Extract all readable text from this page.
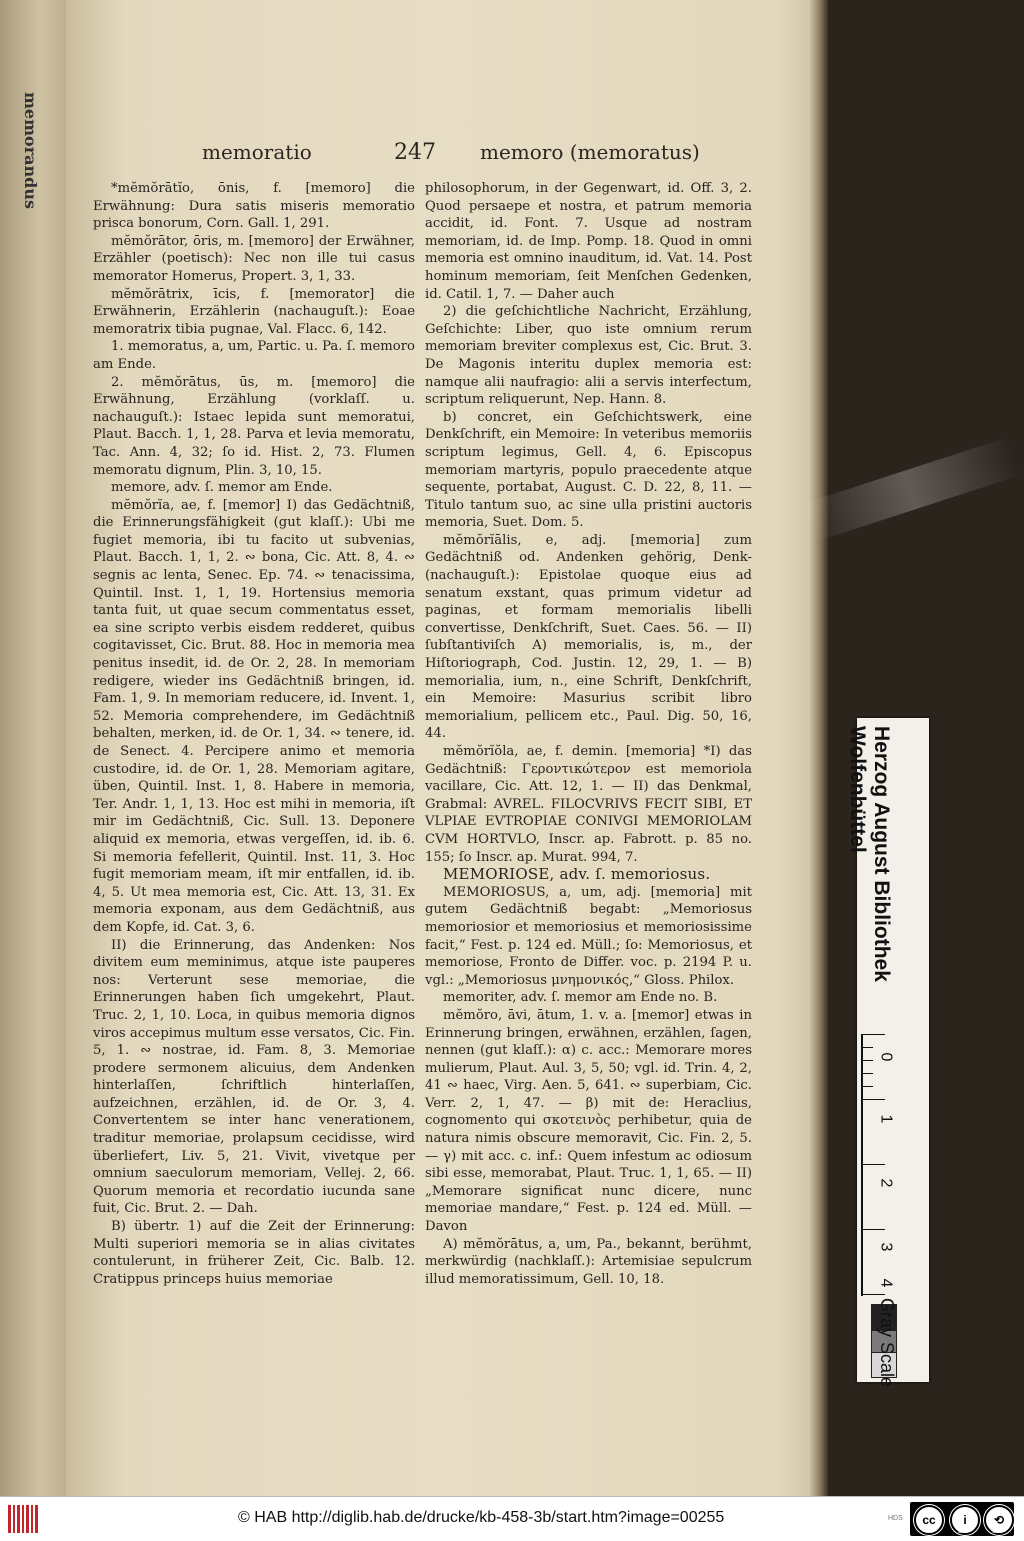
memorandus	memoratio	247 memoro (memoratus)

*mĕmŏrātĭo, ōnis, f. [memoro] die Erwähnung: Dura satis miseris memoratio prisca bonorum, Corn. Gall. 1, 291.

mĕmŏrātor, ōris, m. [memoro] der Erwähner, Erzähler (poetisch): Nec non ille tui casus memorator Homerus, Propert. 3, 1, 33.

mĕmŏrātrix, īcis, f. [memorator] die Erwähnerin, Erzählerin (nachauguſt.): Eoae memoratrix tibia pugnae, Val. Flacc. 6, 142.

1. memoratus, a, um, Partic. u. Pa. ſ. memoro am Ende.

2. mĕmŏrātus, ūs, m. [memoro] die Erwähnung, Erzählung (vorklaſſ. u. nachauguſt.): Istaec lepida sunt memoratui, Plaut. Bacch. 1, 1, 28. Parva et levia memoratu, Tac. Ann. 4, 32; ſo id. Hist. 2, 73. Flumen memoratu dignum, Plin. 3, 10, 15.

memore, adv. ſ. memor am Ende.

mĕmŏrĭa, ae, f. [memor] I) das Gedächtniß, die Erinnerungsfähigkeit (gut klaſſ.): Ubi me fugiet memoria, ibi tu facito ut subvenias, Plaut. Bacch. 1, 1, 2. ∾ bona, Cic. Att. 8, 4. ∾ segnis ac lenta, Senec. Ep. 74. ∾ tenacissima, Quintil. Inst. 1, 1, 19. Hortensius memoria tanta fuit, ut quae secum commentatus esset, ea sine scripto verbis eisdem redderet, quibus cogitavisset, Cic. Brut. 88. Hoc in memoria mea penitus insedit, id. de Or. 2, 28. In memoriam redigere, wieder ins Gedächtniß bringen, id. Fam. 1, 9. In memoriam reducere, id. Invent. 1, 52. Memoria comprehendere, im Gedächtniß behalten, merken, id. de Or. 1, 34. ∾ tenere, id. de Senect. 4. Percipere animo et memoria custodire, id. de Or. 1, 28. Memoriam agitare, üben, Quintil. Inst. 1, 8. Habere in memoria, Ter. Andr. 1, 1, 13. Hoc est mihi in memoria, iſt mir im Gedächtniß, Cic. Sull. 13. Deponere aliquid ex memoria, etwas vergeſſen, id. ib. 6. Si memoria fefellerit, Quintil. Inst. 11, 3. Hoc fugit memoriam meam, iſt mir entfallen, id. ib. 4, 5. Ut mea memoria est, Cic. Att. 13, 31. Ex memoria exponam, aus dem Gedächtniß, aus dem Kopfe, id. Cat. 3, 6.

II) die Erinnerung, das Andenken: Nos divitem eum meminimus, atque iste pauperes nos: Verterunt sese memoriae, die Erinnerungen haben ſich umgekehrt, Plaut. Truc. 2, 1, 10. Loca, in quibus memoria dignos viros accepimus multum esse versatos, Cic. Fin. 5, 1. ∾ nostrae, id. Fam. 8, 3. Memoriae prodere sermonem alicuius, dem Andenken hinterlaſſen, ſchriftlich hinterlaſſen, aufzeichnen, erzählen, id. de Or. 3, 4. Convertentem se inter hanc venerationem, traditur memoriae, prolapsum cecidisse, wird überliefert, Liv. 5, 21. Vivit, vivetque per omnium saeculorum memoriam, Vellej. 2, 66. Quorum memoria et recordatio iucunda sane fuit, Cic. Brut. 2. — Dah.

B) übertr. 1) auf die Zeit der Erinnerung: Multi superiori memoria se in alias civitates contulerunt, in früherer Zeit, Cic. Balb. 12. Cratippus princeps huius memoriae

philosophorum, in der Gegenwart, id. Off. 3, 2. Quod persaepe et nostra, et patrum memoria accidit, id. Font. 7. Usque ad nostram memoriam, id. de Imp. Pomp. 18. Quod in omni memoria est omnino inauditum, id. Vat. 14. Post hominum memoriam, ſeit Menſchen Gedenken, id. Catil. 1, 7. — Daher auch

2) die geſchichtliche Nachricht, Erzählung, Geſchichte: Liber, quo iste omnium rerum memoriam breviter complexus est, Cic. Brut. 3. De Magonis interitu duplex memoria est: namque alii naufragio: alii a servis interfectum, scriptum reliquerunt, Nep. Hann. 8.

b) concret, ein Geſchichtswerk, eine Denkſchrift, ein Memoire: In veteribus memoriis scriptum legimus, Gell. 4, 6. Episcopus memoriam martyris, populo praecedente atque sequente, portabat, August. C. D. 22, 8, 11. — Titulo tantum suo, ac sine ulla pristini auctoris memoria, Suet. Dom. 5.

mĕmŏrĭālis, e, adj. [memoria] zum Gedächtniß od. Andenken gehörig, Denk- (nachauguſt.): Epistolae quoque eius ad senatum exstant, quas primum videtur ad paginas, et formam memorialis libelli convertisse, Denkſchrift, Suet. Caes. 56. — II) ſubſtantiviſch A) memorialis, is, m., der Hiſtoriograph, Cod. Justin. 12, 29, 1. — B) memorialia, ium, n., eine Schrift, Denkſchrift, ein Memoire: Masurius scribit libro memorialium, pellicem etc., Paul. Dig. 50, 16, 44.

mĕmŏrĭŏla, ae, f. demin. [memoria] *I) das Gedächtniß: Γεροντικώτερον est memoriola vacillare, Cic. Att. 12, 1. — II) das Denkmal, Grabmal: AVREL. FILOCVRIVS FECIT SIBI, ET VLPIAE EVTROPIAE CONIVGI MEMORIOLAM CVM HORTVLO, Inscr. ap. Fabrott. p. 85 no. 155; ſo Inscr. ap. Murat. 994, 7.

MEMORIOSE, adv. ſ. memoriosus.

MEMORIOSUS, a, um, adj. [memoria] mit gutem Gedächtniß begabt: „Memoriosus memoriosior et memoriosius et memoriosissime facit,“ Fest. p. 124 ed. Müll.; ſo: Memoriosus, et memoriose, Fronto de Differ. voc. p. 2194 P. u. vgl.: „Memoriosus μνημονικός,“ Gloss. Philox.

memoriter, adv. ſ. memor am Ende no. B.

mĕmŏro, āvi, ātum, 1. v. a. [memor] etwas in Erinnerung bringen, erwähnen, erzählen, ſagen, nennen (gut klaſſ.): α) c. acc.: Memorare mores mulierum, Plaut. Aul. 3, 5, 50; vgl. id. Trin. 4, 2, 41 ∾ haec, Virg. Aen. 5, 641. ∾ superbiam, Cic. Verr. 2, 1, 47. — β) mit de: Heraclius, cognomento qui σκοτεινὸς perhibetur, quia de natura nimis obscure memoravit, Cic. Fin. 2, 5. — γ) mit acc. c. inf.: Quem infestum ac odiosum sibi esse, memorabat, Plaut. Truc. 1, 1, 65. — II) „Memorare significat nunc dicere, nunc memoriae mandare,“ Fest. p. 124 ed. Müll. — Davon

A) mĕmŏrātus, a, um, Pa., bekannt, berühmt, merkwürdig (nachklaſſ.): Artemisiae sepulcrum illud memoratissimum, Gell. 10, 18.

Herzog August Bibliothek
Wolfenbüttel
0
1
2
3
4
Gray Scale
© HAB http://diglib.hab.de/drucke/kb-458-3b/start.htm?image=00255	HDS	cc	i	⟲
BY	SA
